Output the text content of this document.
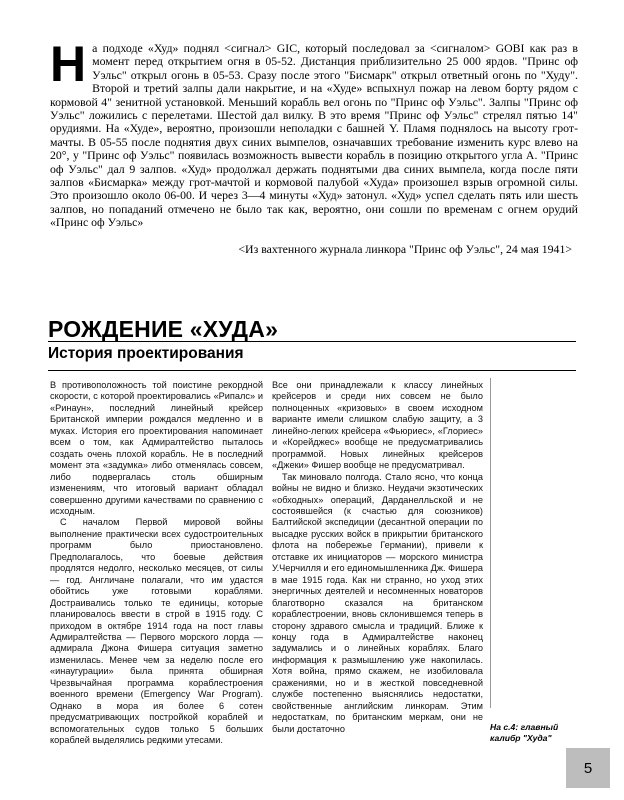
Н а подходе «Худ» поднял <сигнал> GIC, который последовал за <сигналом> GOBI как раз в момент перед открытием огня в 05-52. Дистанция приблизительно 25 000 ярдов. "Принс оф Уэльс" открыл огонь в 05-53. Сразу после этого "Бисмарк" открыл ответный огонь по "Худу". Второй и третий залпы дали накрытие, и на «Худе» вспыхнул пожар на левом борту рядом с кормовой 4" зенитной установкой. Меньший корабль вел огонь по "Принс оф Уэльс". Залпы "Принс оф Уэльс" ложились с перелетами. Шестой дал вилку. В это время "Принс оф Уэльс" стрелял пятью 14" орудиями. На «Худе», вероятно, произошли неполадки с башней Y. Пламя поднялось на высоту грот-мачты. В 05-55 после поднятия двух синих вымпелов, означавших требование изменить курс влево на 20°, у "Принс оф Уэльс" появилась возможность вывести корабль в позицию открытого угла A. "Принс оф Уэльс" дал 9 залпов. «Худ» продолжал держать поднятыми два синих вымпела, когда после пяти залпов «Бисмарка» между грот-мачтой и кормовой палубой «Худа» произошел взрыв огромной силы. Это произошло около 06-00. И через 3—4 минуты «Худ» затонул. «Худ» успел сделать пять или шесть залпов, но попаданий отмечено не было так как, вероятно, они сошли по временам с огнем орудий «Принс оф Уэльс»

<Из вахтенного журнала линкора "Принс оф Уэльс", 24 мая 1941>

РОЖДЕНИЕ «ХУДА»
История проектирования

В противоположность той поистине рекордной скорости, с которой проектировались «Рипалс» и «Ринаун», последний линейный крейсер Британской империи рождался медленно и в муках. История его проектирования напоминает всем о том, как Адмиралтейство пыталось создать очень плохой корабль. Не в последний момент эта «задумка» либо отменялась совсем, либо подвергалась столь обширным изменениям, что итоговый вариант обладал совершенно другими качествами по сравнению с исходным.

С началом Первой мировой войны выполнение практически всех судостроительных программ было приостановлено. Предполагалось, что боевые действия продлятся недолго, несколько месяцев, от силы — год. Англичане полагали, что им удастся обойтись уже готовыми кораблями. Достраивались только те единицы, которые планировалось ввести в строй в 1915 году. С приходом в октябре 1914 года на пост главы Адмиралтейства — Первого морского лорда — адмирала Джона Фишера ситуация заметно изменилась. Менее чем за неделю после его «инаугурации» была принята обширная Чрезвычайная программа кораблестроения военного времени (Emergency War Program). Однако в мора ия более 6 сотен предусматривающих постройкой кораблей и вспомогательных судов только 5 больших кораблей выделялись редкими утесами.

Все они принадлежали к классу линейных крейсеров и среди них совсем не было полноценных «кризовых» в своем исходном варианте имели слишком слабую защиту, а 3 линейно-легких крейсера «Фьюриес», «Глориес» и «Корейджес» вообще не предусматривались программой. Новых линейных крейсеров «Джеки» Фишер вообще не предусматривал.

Так миновало полгода. Стало ясно, что конца войны не видно и близко. Неудачи экзотических «обходных» операций, Дарданелльской и не состоявшейся (к счастью для союзников) Балтийской экспедиции (десантной операции по высадке русских войск в прикрытии британского флота на побережье Германии), привели к отставке их инициаторов — морского министра У.Черчилля и его единомышленника Дж. Фишера в мае 1915 года. Как ни странно, но уход этих энергичных деятелей и несомненных новаторов благотворно сказался на британском кораблестроении, вновь склонившемся теперь в сторону здравого смысла и традиций. Ближе к концу года в Адмиралтействе наконец задумались и о линейных кораблях. Благо информация к размышлению уже накопилась. Хотя война, прямо скажем, не изобиловала сражениями, но и в жесткой повседневной службе постепенно выяснялись недостатки, свойственные английским линкорам. Этим недостаткам, по британским меркам, они не были достаточно	На с.4: главный калибр "Худа"

5
